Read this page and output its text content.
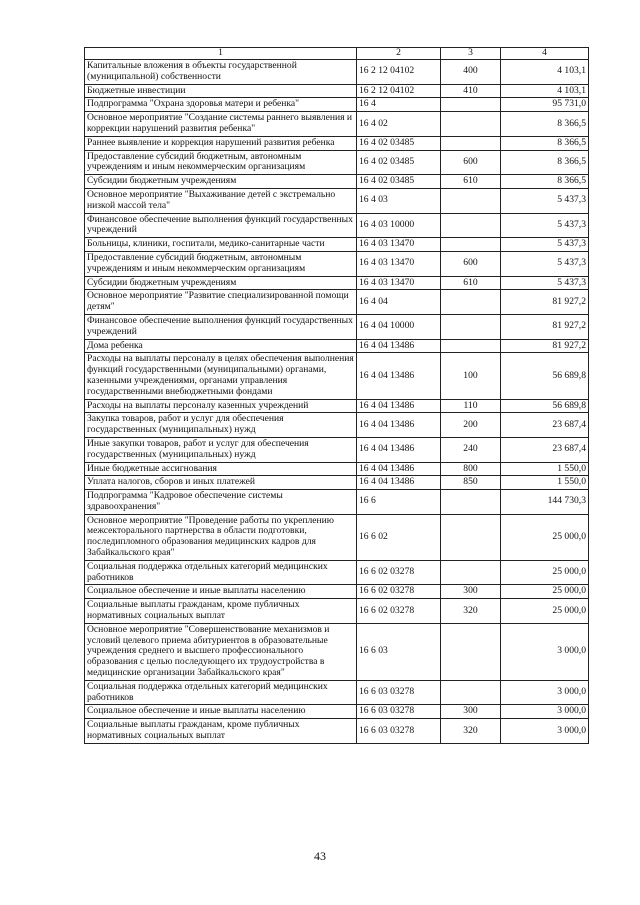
1	2	3	4
Капитальные вложения в объекты государственной (муниципальной) собственности	16 2 12 04102	400	4 103,1
Бюджетные инвестиции	16 2 12 04102	410	4 103,1
Подпрограмма "Охрана здоровья матери и ребенка"	16 4		95 731,0
Основное мероприятие "Создание системы раннего выявления и коррекции нарушений развития ребенка"	16 4 02		8 366,5
Раннее выявление и коррекция нарушений развития ребенка	16 4 02 03485		8 366,5
Предоставление субсидий бюджетным, автономным учреждениям и иным некоммерческим организациям	16 4 02 03485	600	8 366,5
Субсидии бюджетным учреждениям	16 4 02 03485	610	8 366,5
Основное мероприятие "Выхаживание детей с экстремально низкой массой тела"	16 4 03		5 437,3
Финансовое обеспечение выполнения функций государственных учреждений	16 4 03 10000		5 437,3
Больницы, клиники, госпитали, медико-санитарные части	16 4 03 13470		5 437,3
Предоставление субсидий бюджетным, автономным учреждениям и иным некоммерческим организациям	16 4 03 13470	600	5 437,3
Субсидии бюджетным учреждениям	16 4 03 13470	610	5 437,3
Основное мероприятие "Развитие специализированной помощи детям"	16 4 04		81 927,2
Финансовое обеспечение выполнения функций государственных учреждений	16 4 04 10000		81 927,2
Дома ребенка	16 4 04 13486		81 927,2
Расходы на выплаты персоналу в целях обеспечения выполнения функций государственными (муниципальными) органами, казенными учреждениями, органами управления государственными внебюджетными фондами	16 4 04 13486	100	56 689,8
Расходы на выплаты персоналу казенных учреждений	16 4 04 13486	110	56 689,8
Закупка товаров, работ и услуг для обеспечения государственных (муниципальных) нужд	16 4 04 13486	200	23 687,4
Иные закупки товаров, работ и услуг для обеспечения государственных (муниципальных) нужд	16 4 04 13486	240	23 687,4
Иные бюджетные ассигнования	16 4 04 13486	800	1 550,0
Уплата налогов, сборов и иных платежей	16 4 04 13486	850	1 550,0
Подпрограмма "Кадровое обеспечение системы здравоохранения"	16 6		144 730,3
Основное мероприятие "Проведение работы по укреплению межсекторального партнерства в области подготовки, последипломного образования медицинских кадров для Забайкальского края"	16 6 02		25 000,0
Социальная поддержка отдельных категорий медицинских работников	16 6 02 03278		25 000,0
Социальное обеспечение и иные выплаты населению	16 6 02 03278	300	25 000,0
Социальные выплаты гражданам, кроме публичных нормативных социальных выплат	16 6 02 03278	320	25 000,0
Основное мероприятие "Совершенствование механизмов и условий целевого приема абитуриентов в образовательные учреждения среднего и высшего профессионального образования с целью последующего их трудоустройства в медицинские организации Забайкальского края"	16 6 03		3 000,0
Социальная поддержка отдельных категорий медицинских работников	16 6 03 03278		3 000,0
Социальное обеспечение и иные выплаты населению	16 6 03 03278	300	3 000,0
Социальные выплаты гражданам, кроме публичных нормативных социальных выплат	16 6 03 03278	320	3 000,0
43
